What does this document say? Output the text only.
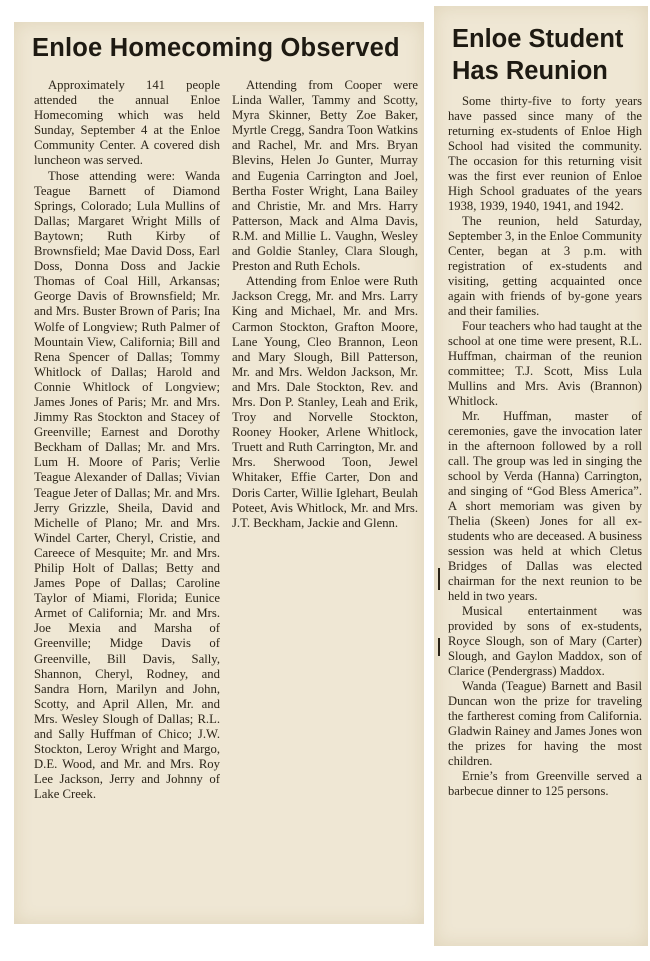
Enloe Homecoming Observed

Approximately 141 people attended the annual Enloe Homecoming which was held Sunday, September 4 at the Enloe Community Center. A covered dish luncheon was served.

Those attending were: Wanda Teague Barnett of Diamond Springs, Colorado; Lula Mullins of Dallas; Margaret Wright Mills of Baytown; Ruth Kirby of Brownsfield; Mae David Doss, Earl Doss, Donna Doss and Jackie Thomas of Coal Hill, Arkansas; George Davis of Brownsfield; Mr. and Mrs. Buster Brown of Paris; Ina Wolfe of Longview; Ruth Palmer of Mountain View, California; Bill and Rena Spencer of Dallas; Tommy Whitlock of Dallas; Harold and Connie Whitlock of Longview; James Jones of Paris; Mr. and Mrs. Jimmy Ras Stockton and Stacey of Greenville; Earnest and Dorothy Beckham of Dallas; Mr. and Mrs. Lum H. Moore of Paris; Verlie Teague Alexander of Dallas; Vivian Teague Jeter of Dallas; Mr. and Mrs. Jerry Grizzle, Sheila, David and Michelle of Plano; Mr. and Mrs. Windel Carter, Cheryl, Cristie, and Careece of Mesquite; Mr. and Mrs. Philip Holt of Dallas; Betty and James Pope of Dallas; Caroline Taylor of Miami, Florida; Eunice Armet of California; Mr. and Mrs. Joe Mexia and Marsha of Greenville; Midge Davis of Greenville, Bill Davis, Sally, Shannon, Cheryl, Rodney, and Sandra Horn, Marilyn and John, Scotty, and April Allen, Mr. and Mrs. Wesley Slough of Dallas; R.L. and Sally Huffman of Chico; J.W. Stockton, Leroy Wright and Margo, D.E. Wood, and Mr. and Mrs. Roy Lee Jackson, Jerry and Johnny of Lake Creek.

Attending from Cooper were Linda Waller, Tammy and Scotty, Myra Skinner, Betty Zoe Baker, Myrtle Cregg, Sandra Toon Watkins and Rachel, Mr. and Mrs. Bryan Blevins, Helen Jo Gunter, Murray and Eugenia Carrington and Joel, Bertha Foster Wright, Lana Bailey and Christie, Mr. and Mrs. Harry Patterson, Mack and Alma Davis, R.M. and Millie L. Vaughn, Wesley and Goldie Stanley, Clara Slough, Preston and Ruth Echols.

Attending from Enloe were Ruth Jackson Cregg, Mr. and Mrs. Larry King and Michael, Mr. and Mrs. Carmon Stockton, Grafton Moore, Lane Young, Cleo Brannon, Leon and Mary Slough, Bill Patterson, Mr. and Mrs. Weldon Jackson, Mr. and Mrs. Dale Stockton, Rev. and Mrs. Don P. Stanley, Leah and Erik, Troy and Norvelle Stockton, Rooney Hooker, Arlene Whitlock, Truett and Ruth Carrington, Mr. and Mrs. Sherwood Toon, Jewel Whitaker, Effie Carter, Don and Doris Carter, Willie Iglehart, Beulah Poteet, Avis Whitlock, Mr. and Mrs. J.T. Beckham, Jackie and Glenn.

Enloe Student Has Reunion

Some thirty-five to forty years have passed since many of the returning ex-students of Enloe High School had visited the community. The occasion for this returning visit was the first ever reunion of Enloe High School graduates of the years 1938, 1939, 1940, 1941, and 1942.

The reunion, held Saturday, September 3, in the Enloe Community Center, began at 3 p.m. with registration of ex-students and visiting, getting acquainted once again with friends of by-gone years and their families.

Four teachers who had taught at the school at one time were present, R.L. Huffman, chairman of the reunion committee; T.J. Scott, Miss Lula Mullins and Mrs. Avis (Brannon) Whitlock.

Mr. Huffman, master of ceremonies, gave the invocation later in the afternoon followed by a roll call. The group was led in singing the school by Verda (Hanna) Carrington, and singing of “God Bless America”. A short memoriam was given by Thelia (Skeen) Jones for all ex-students who are deceased. A business session was held at which Cletus Bridges of Dallas was elected chairman for the next reunion to be held in two years.

Musical entertainment was provided by sons of ex-students, Royce Slough, son of Mary (Carter) Slough, and Gaylon Maddox, son of Clarice (Pendergrass) Maddox.

Wanda (Teague) Barnett and Basil Duncan won the prize for traveling the fartherest coming from California. Gladwin Rainey and James Jones won the prizes for having the most children.

Ernie’s from Greenville served a barbecue dinner to 125 persons.
